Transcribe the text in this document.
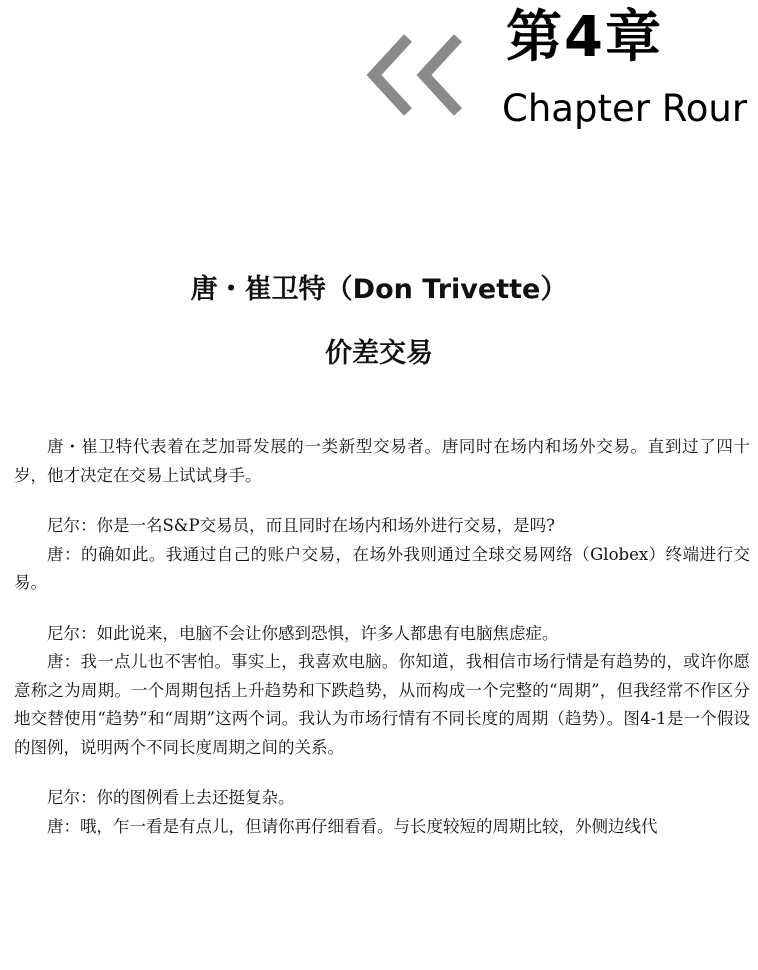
第4章
Chapter Rour
唐・崔卫特（Don Trivette）
价差交易

唐・崔卫特代表着在芝加哥发展的一类新型交易者。唐同时在场内和场外交易。直到过了四十岁，他才决定在交易上试试身手。

尼尔：你是一名S&P交易员，而且同时在场内和场外进行交易，是吗?

唐：的确如此。我通过自己的账户交易，在场外我则通过全球交易网络（Globex）终端进行交易。

尼尔：如此说来，电脑不会让你感到恐惧，许多人都患有电脑焦虑症。

唐：我一点儿也不害怕。事实上，我喜欢电脑。你知道，我相信市场行情是有趋势的，或许你愿意称之为周期。一个周期包括上升趋势和下跌趋势，从而构成一个完整的“周期”，但我经常不作区分地交替使用“趋势”和“周期”这两个词。我认为市场行情有不同长度的周期（趋势）。图4-1是一个假设的图例，说明两个不同长度周期之间的关系。

尼尔：你的图例看上去还挺复杂。

唐：哦，乍一看是有点儿，但请你再仔细看看。与长度较短的周期比较，外侧边线代
